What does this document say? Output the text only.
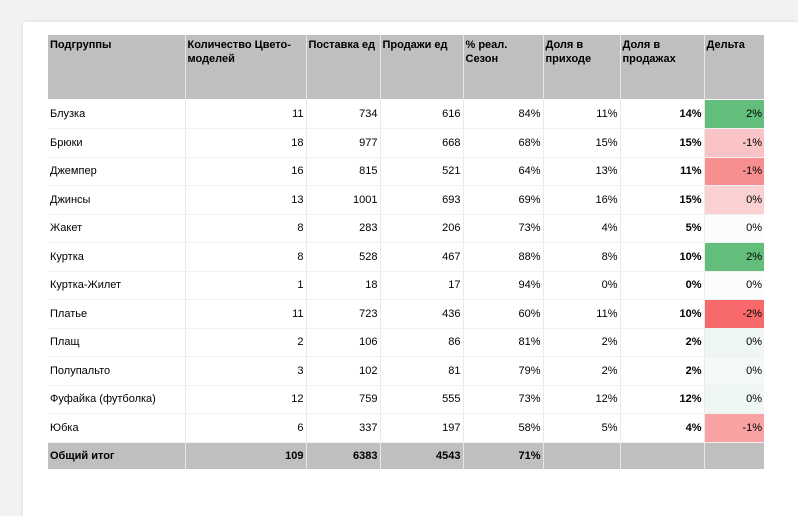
Подгруппы	Количество Цвето-моделей	Поставка ед	Продажи ед	% реал. Сезон	Доля в приходе	Доля в продажах	Дельта

Блузка	11	734	616	84%	11%	14%	2%
Брюки	18	977	668	68%	15%	15%	-1%
Джемпер	16	815	521	64%	13%	11%	-1%
Джинсы	13	1001	693	69%	16%	15%	0%
Жакет	8	283	206	73%	4%	5%	0%
Куртка	8	528	467	88%	8%	10%	2%
Куртка-Жилет	1	18	17	94%	0%	0%	0%
Платье	11	723	436	60%	11%	10%	-2%
Плащ	2	106	86	81%	2%	2%	0%
Полупальто	3	102	81	79%	2%	2%	0%
Фуфайка (футболка)	12	759	555	73%	12%	12%	0%
Юбка	6	337	197	58%	5%	4%	-1%
Общий итог	109	6383	4543	71%			
